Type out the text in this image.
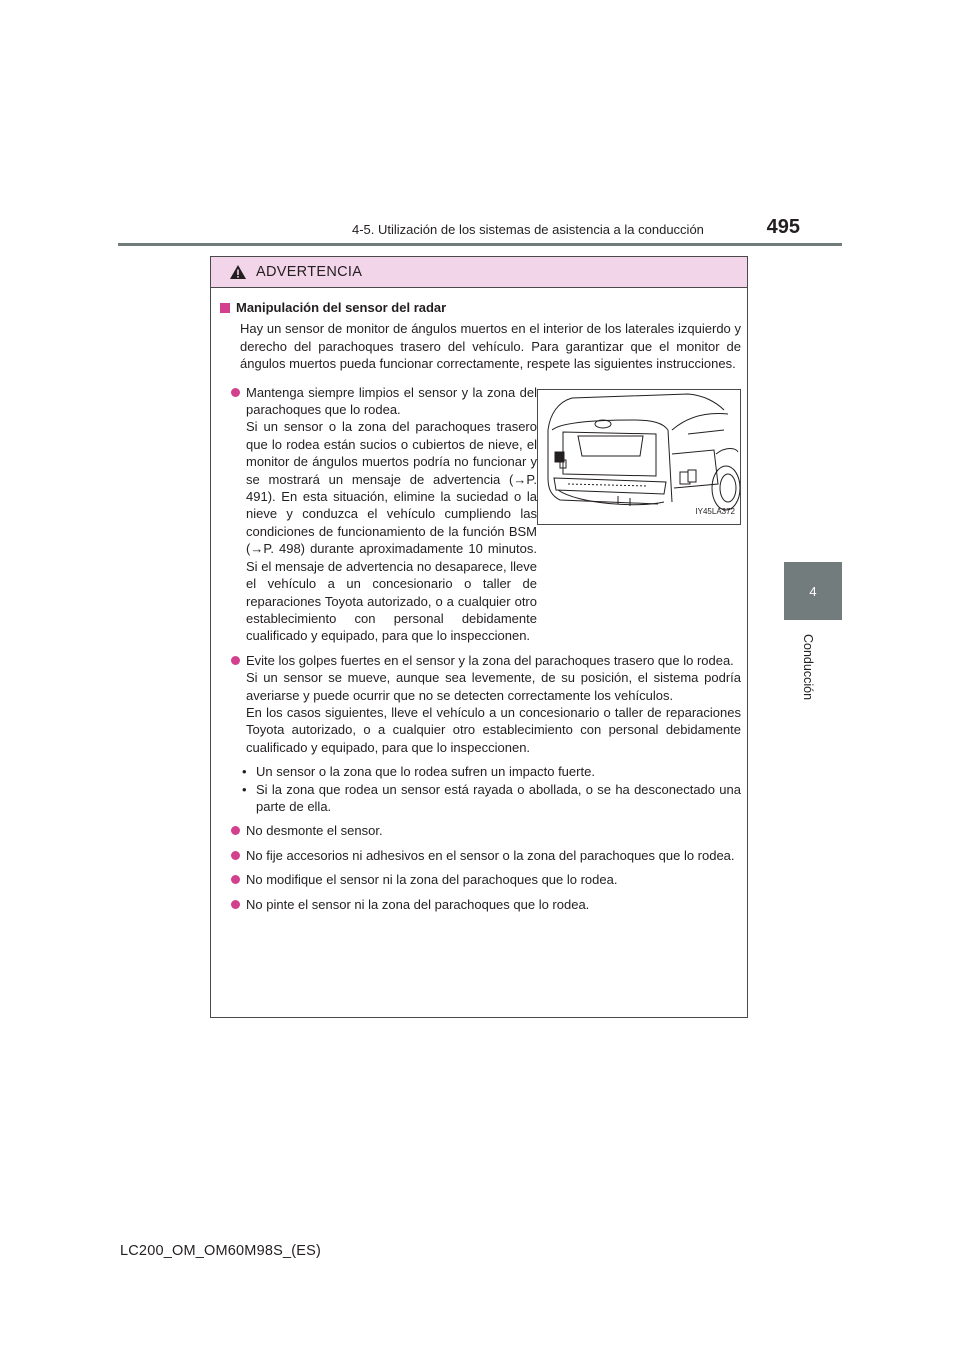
4-5. Utilización de los sistemas de asistencia a la conducción	495
4
Conducción
ADVERTENCIA
Manipulación del sensor del radar
Hay un sensor de monitor de ángulos muertos en el interior de los laterales izquierdo y derecho del parachoques trasero del vehículo. Para garantizar que el monitor de ángulos muertos pueda funcionar correctamente, respete las siguientes instrucciones.
Mantenga siempre limpios el sensor y la zona del parachoques que lo rodea.
Si un sensor o la zona del parachoques trasero que lo rodea están sucios o cubiertos de nieve, el monitor de ángulos muertos podría no funcionar y se mostrará un mensaje de advertencia (→P. 491). En esta situación, elimine la suciedad o la nieve y conduzca el vehículo cumpliendo las condiciones de funcionamiento de la función BSM (→P. 498) durante aproximadamente 10 minutos. Si el mensaje de advertencia no desaparece, lleve el vehículo a un concesionario o taller de reparaciones Toyota autorizado, o a cualquier otro establecimiento con personal debidamente cualificado y equipado, para que lo inspeccionen.
IY45LA372
Evite los golpes fuertes en el sensor y la zona del parachoques trasero que lo rodea.
Si un sensor se mueve, aunque sea levemente, de su posición, el sistema podría averiarse y puede ocurrir que no se detecten correctamente los vehículos.
En los casos siguientes, lleve el vehículo a un concesionario o taller de reparaciones Toyota autorizado, o a cualquier otro establecimiento con personal debidamente cualificado y equipado, para que lo inspeccionen.
• Un sensor o la zona que lo rodea sufren un impacto fuerte.
• Si la zona que rodea un sensor está rayada o abollada, o se ha desconectado una parte de ella.
No desmonte el sensor.
No fije accesorios ni adhesivos en el sensor o la zona del parachoques que lo rodea.
No modifique el sensor ni la zona del parachoques que lo rodea.
No pinte el sensor ni la zona del parachoques que lo rodea.
LC200_OM_OM60M98S_(ES)
